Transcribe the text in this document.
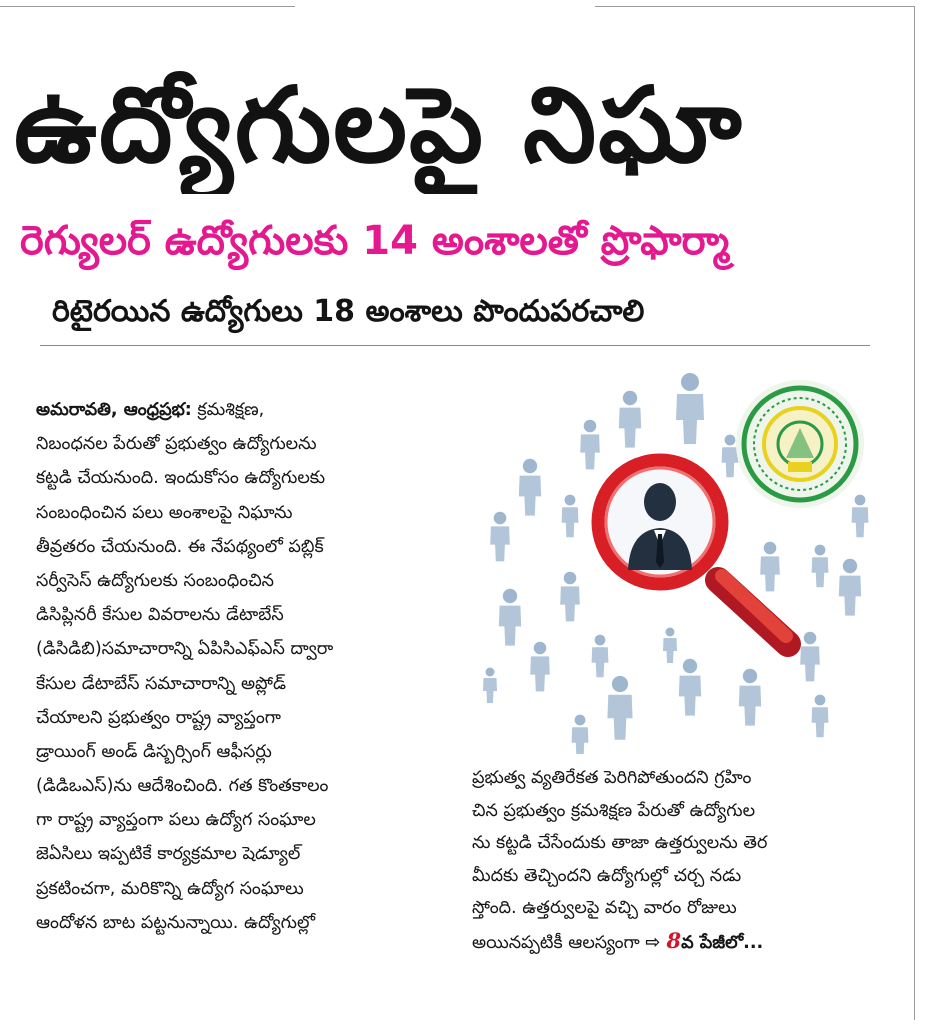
ఉద్యోగులపై నిఘా
రెగ్యులర్ ఉద్యోగులకు 14 అంశాలతో ప్రొఫార్మా
రిటైరయిన ఉద్యోగులు 18 అంశాలు పొందుపరచాలి
అమరావతి, ఆంధ్రప్రభ: క్రమశిక్షణ,
నిబంధనల పేరుతో ప్రభుత్వం ఉద్యోగులను
కట్టడి చేయనుంది. ఇందుకోసం ఉద్యోగులకు
సంబంధించిన పలు అంశాలపై నిఘాను
తీవ్రతరం చేయనుంది. ఈ నేపథ్యంలో పబ్లిక్
సర్వీసెస్ ఉద్యోగులకు సంబంధించిన
డిసిప్లినరీ కేసుల వివరాలను డేటాబేస్
(డిసిడిబి)సమాచారాన్ని ఏపిసిఎఫ్ఎస్ ద్వారా
కేసుల డేటాబేస్ సమాచారాన్ని అప్లోడ్
చేయాలని ప్రభుత్వం రాష్ట్ర వ్యాప్తంగా
డ్రాయింగ్ అండ్ డిస్బర్సింగ్ ఆఫీసర్లు
(డిడిఒఎస్)ను ఆదేశించింది. గత కొంతకాలం
గా రాష్ట్ర వ్యాప్తంగా పలు ఉద్యోగ సంఘాల
జెఏసిలు ఇప్పటికే కార్యక్రమాల షెడ్యూల్
ప్రకటించగా, మరికొన్ని ఉద్యోగ సంఘాలు
ఆందోళన బాట పట్టనున్నాయి. ఉద్యోగుల్లో
ప్రభుత్వ వ్యతిరేకత పెరిగిపోతుందని గ్రహిం
చిన ప్రభుత్వం క్రమశిక్షణ పేరుతో ఉద్యోగుల
ను కట్టడి చేసేందుకు తాజా ఉత్తర్వులను తెర
మీదకు తెచ్చిందని ఉద్యోగుల్లో చర్చ నడు
స్తోంది. ఉత్తర్వులపై వచ్చి వారం రోజులు
అయినప్పటికీ ఆలస్యంగా ⇨ 8వ పేజీలో...
